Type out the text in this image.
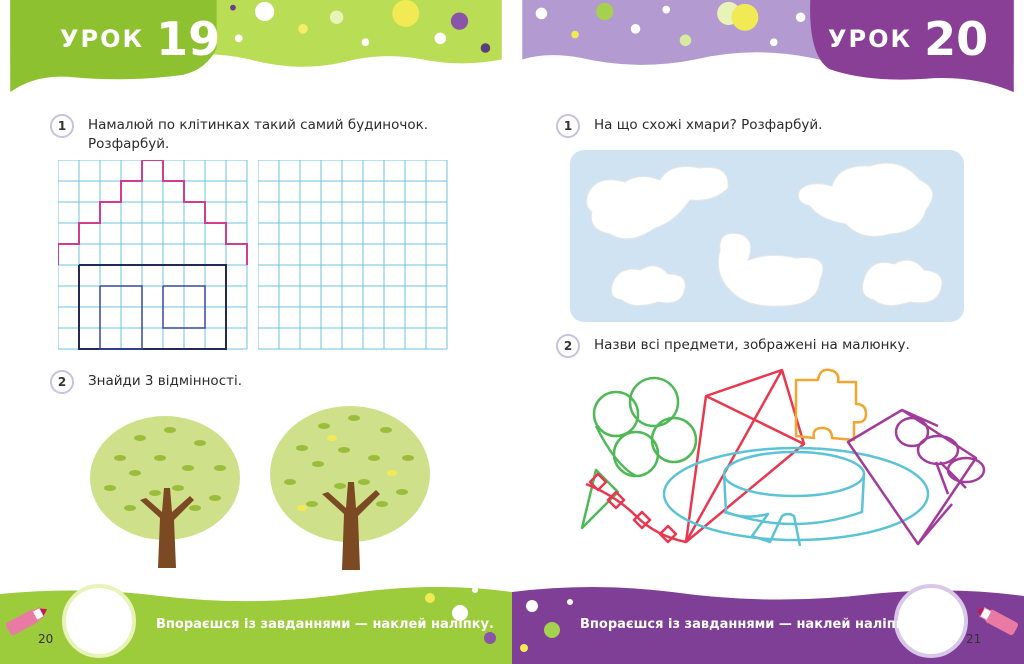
УРОК 19
1	Намалюй по клітинках такий самий будиночок. Розфарбуй.
2	Знайди 3 відмінності.
Впораєшся із завданнями — наклей наліпку.
20
УРОК 20
1	На що схожі хмари? Розфарбуй.
2	Назви всі предмети, зображені на малюнку.
Впораєшся із завданнями — наклей наліпку.
21
